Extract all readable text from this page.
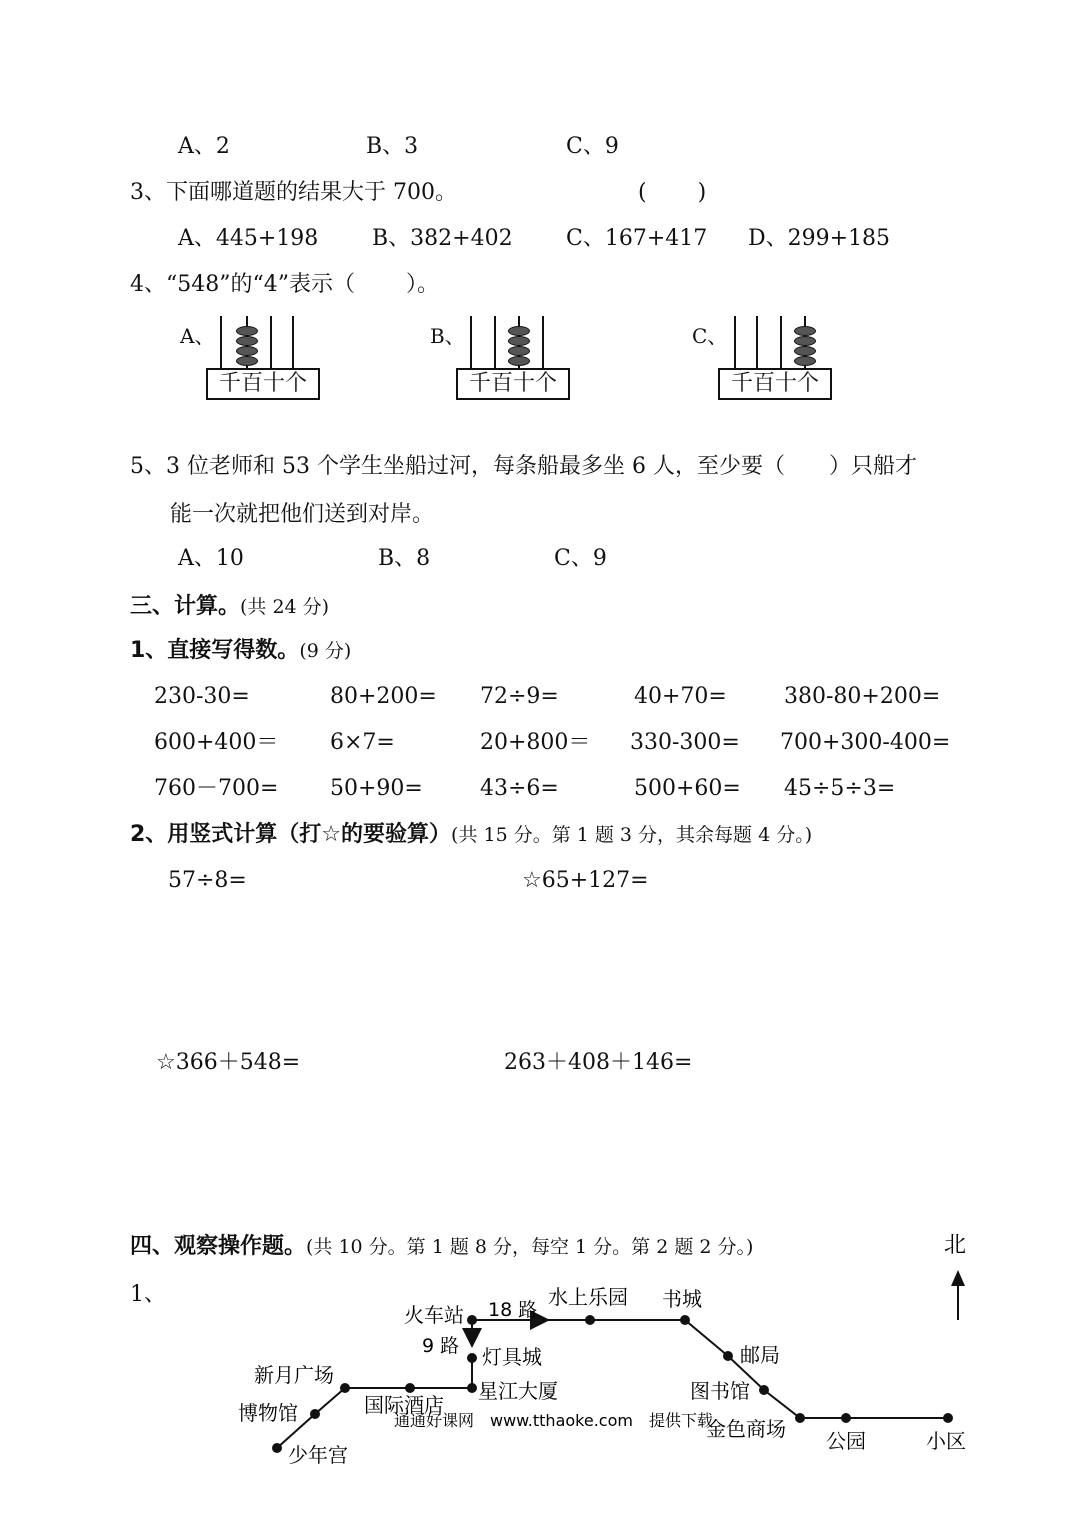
A、2	B、3	C、9
3、下面哪道题的结果大于 700。	(　　 )
A、445+198 B、382+402 C、167+417 D、299+185
4、“548”的“4”表示（　　 ）。
A、
千百十个
B、
千百十个
C、
千百十个
5、3 位老师和 53 个学生坐船过河，每条船最多坐 6 人，至少要（　　）只船才
能一次就把他们送到对岸。
A、10	B、8	C、9
三、计算。(共 24 分)
1、直接写得数。(9 分)
230-30=	80+200= 72÷9=	40+70=	380-80+200=
600+400＝ 6×7=	20+800＝ 330-300= 700+300-400=
760－700= 50+90=	43÷6=	500+60= 45÷5÷3=
2、用竖式计算（打☆的要验算）(共 15 分。第 1 题 3 分，其余每题 4 分。)
57÷8=	☆65+127=
☆366＋548=	263＋408＋146=
四、观察操作题。(共 10 分。第 1 题 8 分，每空 1 分。第 2 题 2 分。)
1、
北
18 路
9 路
火车站
水上乐园 书城
灯具城	邮局
新月广场
国际酒店
星江大厦	图书馆
博物馆
金色商场 公园	小区
少年宫
通通好课网　www.tthaoke.com　提供下载
